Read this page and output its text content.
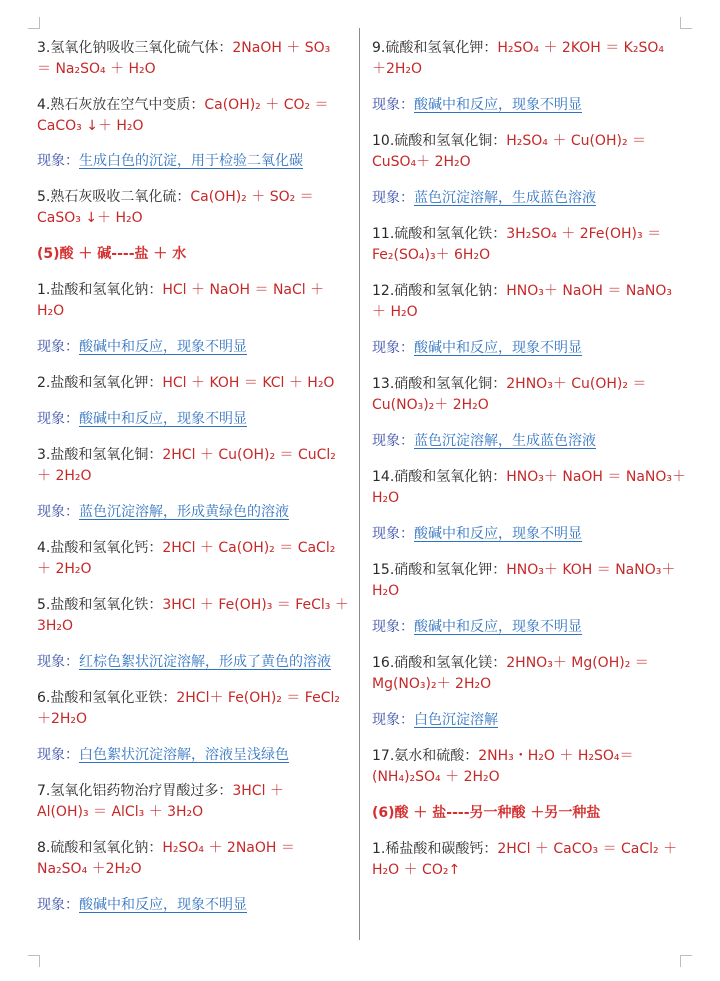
3.氢氧化钠吸收三氧化硫气体：2NaOH ＋ SO₃
＝ Na₂SO₄ ＋ H₂O
4.熟石灰放在空气中变质：Ca(OH)₂ ＋ CO₂ ＝
CaCO₃ ↓＋ H₂O
现象：生成白色的沉淀，用于检验二氧化碳
5.熟石灰吸收二氧化硫：Ca(OH)₂ ＋ SO₂ ＝
CaSO₃ ↓＋ H₂O
(5)酸 ＋ 碱----盐 ＋ 水
1.盐酸和氢氧化钠：HCl ＋ NaOH ＝ NaCl ＋
H₂O
现象：酸碱中和反应，现象不明显
2.盐酸和氢氧化钾：HCl ＋ KOH ＝ KCl ＋ H₂O
现象：酸碱中和反应，现象不明显
3.盐酸和氢氧化铜：2HCl ＋ Cu(OH)₂ ＝ CuCl₂
＋ 2H₂O
现象：蓝色沉淀溶解，形成黄绿色的溶液
4.盐酸和氢氧化钙：2HCl ＋ Ca(OH)₂ ＝ CaCl₂
＋ 2H₂O
5.盐酸和氢氧化铁：3HCl ＋ Fe(OH)₃ ＝ FeCl₃ ＋
3H₂O
现象：红棕色絮状沉淀溶解，形成了黄色的溶液
6.盐酸和氢氧化亚铁：2HCl＋ Fe(OH)₂ ＝ FeCl₂
＋2H₂O
现象：白色絮状沉淀溶解，溶液呈浅绿色
7.氢氧化铝药物治疗胃酸过多：3HCl ＋
Al(OH)₃ ＝ AlCl₃ ＋ 3H₂O
8.硫酸和氢氧化钠：H₂SO₄ ＋ 2NaOH ＝
Na₂SO₄ ＋2H₂O
现象：酸碱中和反应，现象不明显
9.硫酸和氢氧化钾：H₂SO₄ ＋ 2KOH ＝ K₂SO₄
＋2H₂O
现象：酸碱中和反应，现象不明显
10.硫酸和氢氧化铜：H₂SO₄ ＋ Cu(OH)₂ ＝
CuSO₄＋ 2H₂O
现象：蓝色沉淀溶解，生成蓝色溶液
11.硫酸和氢氧化铁：3H₂SO₄ ＋ 2Fe(OH)₃ ＝
Fe₂(SO₄)₃＋ 6H₂O
12.硝酸和氢氧化钠：HNO₃＋ NaOH ＝ NaNO₃
＋ H₂O
现象：酸碱中和反应，现象不明显
13.硝酸和氢氧化铜：2HNO₃＋ Cu(OH)₂ ＝
Cu(NO₃)₂＋ 2H₂O
现象：蓝色沉淀溶解，生成蓝色溶液
14.硝酸和氢氧化钠：HNO₃＋ NaOH ＝ NaNO₃＋
H₂O
现象：酸碱中和反应，现象不明显
15.硝酸和氢氧化钾：HNO₃＋ KOH ＝ NaNO₃＋
H₂O
现象：酸碱中和反应，现象不明显
16.硝酸和氢氧化镁：2HNO₃＋ Mg(OH)₂ ＝
Mg(NO₃)₂＋ 2H₂O
现象：白色沉淀溶解
17.氨水和硫酸：2NH₃・H₂O ＋ H₂SO₄＝
(NH₄)₂SO₄ ＋ 2H₂O
(6)酸 ＋ 盐----另一种酸 ＋另一种盐
1.稀盐酸和碳酸钙：2HCl ＋ CaCO₃ ＝ CaCl₂ ＋
H₂O ＋ CO₂↑
